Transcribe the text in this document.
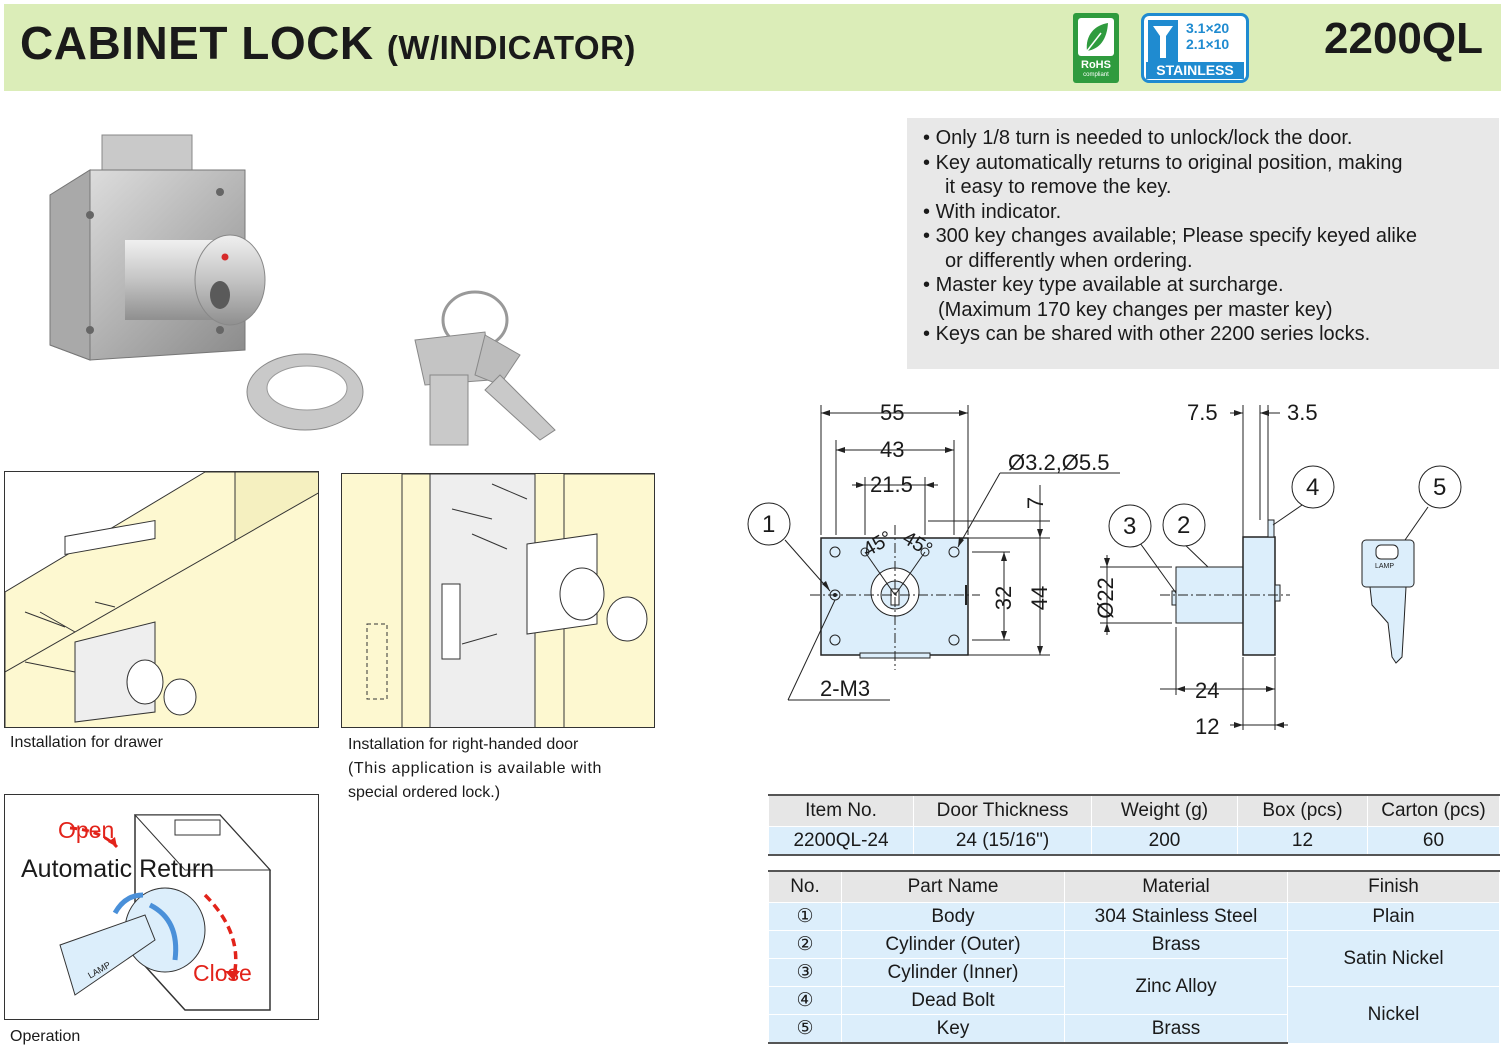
CABINET LOCK (W/INDICATOR)	RoHS
compliant
3.1×20
2.1×10
STAINLESS
2200QL
Installation for drawer	Installation for right-handed door
(This application is available with
special ordered lock.)
Open
Automatic Return
Close
LAMP
Operation
• Only 1/8 turn is needed to unlock/lock the door.
• Key automatically returns to original position, making
it easy to remove the key.
• With indicator.
• 300 key changes available; Please specify keyed alike
or differently when ordering.
• Master key type available at surcharge.
(Maximum 170 key changes per master key)
• Keys can be shared with other 2200 series locks.
55
43
21.5
Ø3.2,Ø5.5
7
45° 45°
32 44
2-M3
7.5	3.5
Ø22
24
12
1	3 2
4	5
LAMP
Item No.	Door Thickness	Weight (g)	Box (pcs)	Carton (pcs)
2200QL-24	24 (15/16")	200	12	60
No.	Part Name	Material	Finish
①	Body	304 Stainless Steel	Plain
②	Cylinder (Outer)	Brass	Satin Nickel
③	Cylinder (Inner)	Zinc Alloy	
④	Dead Bolt		Nickel
⑤	Key	Brass	
